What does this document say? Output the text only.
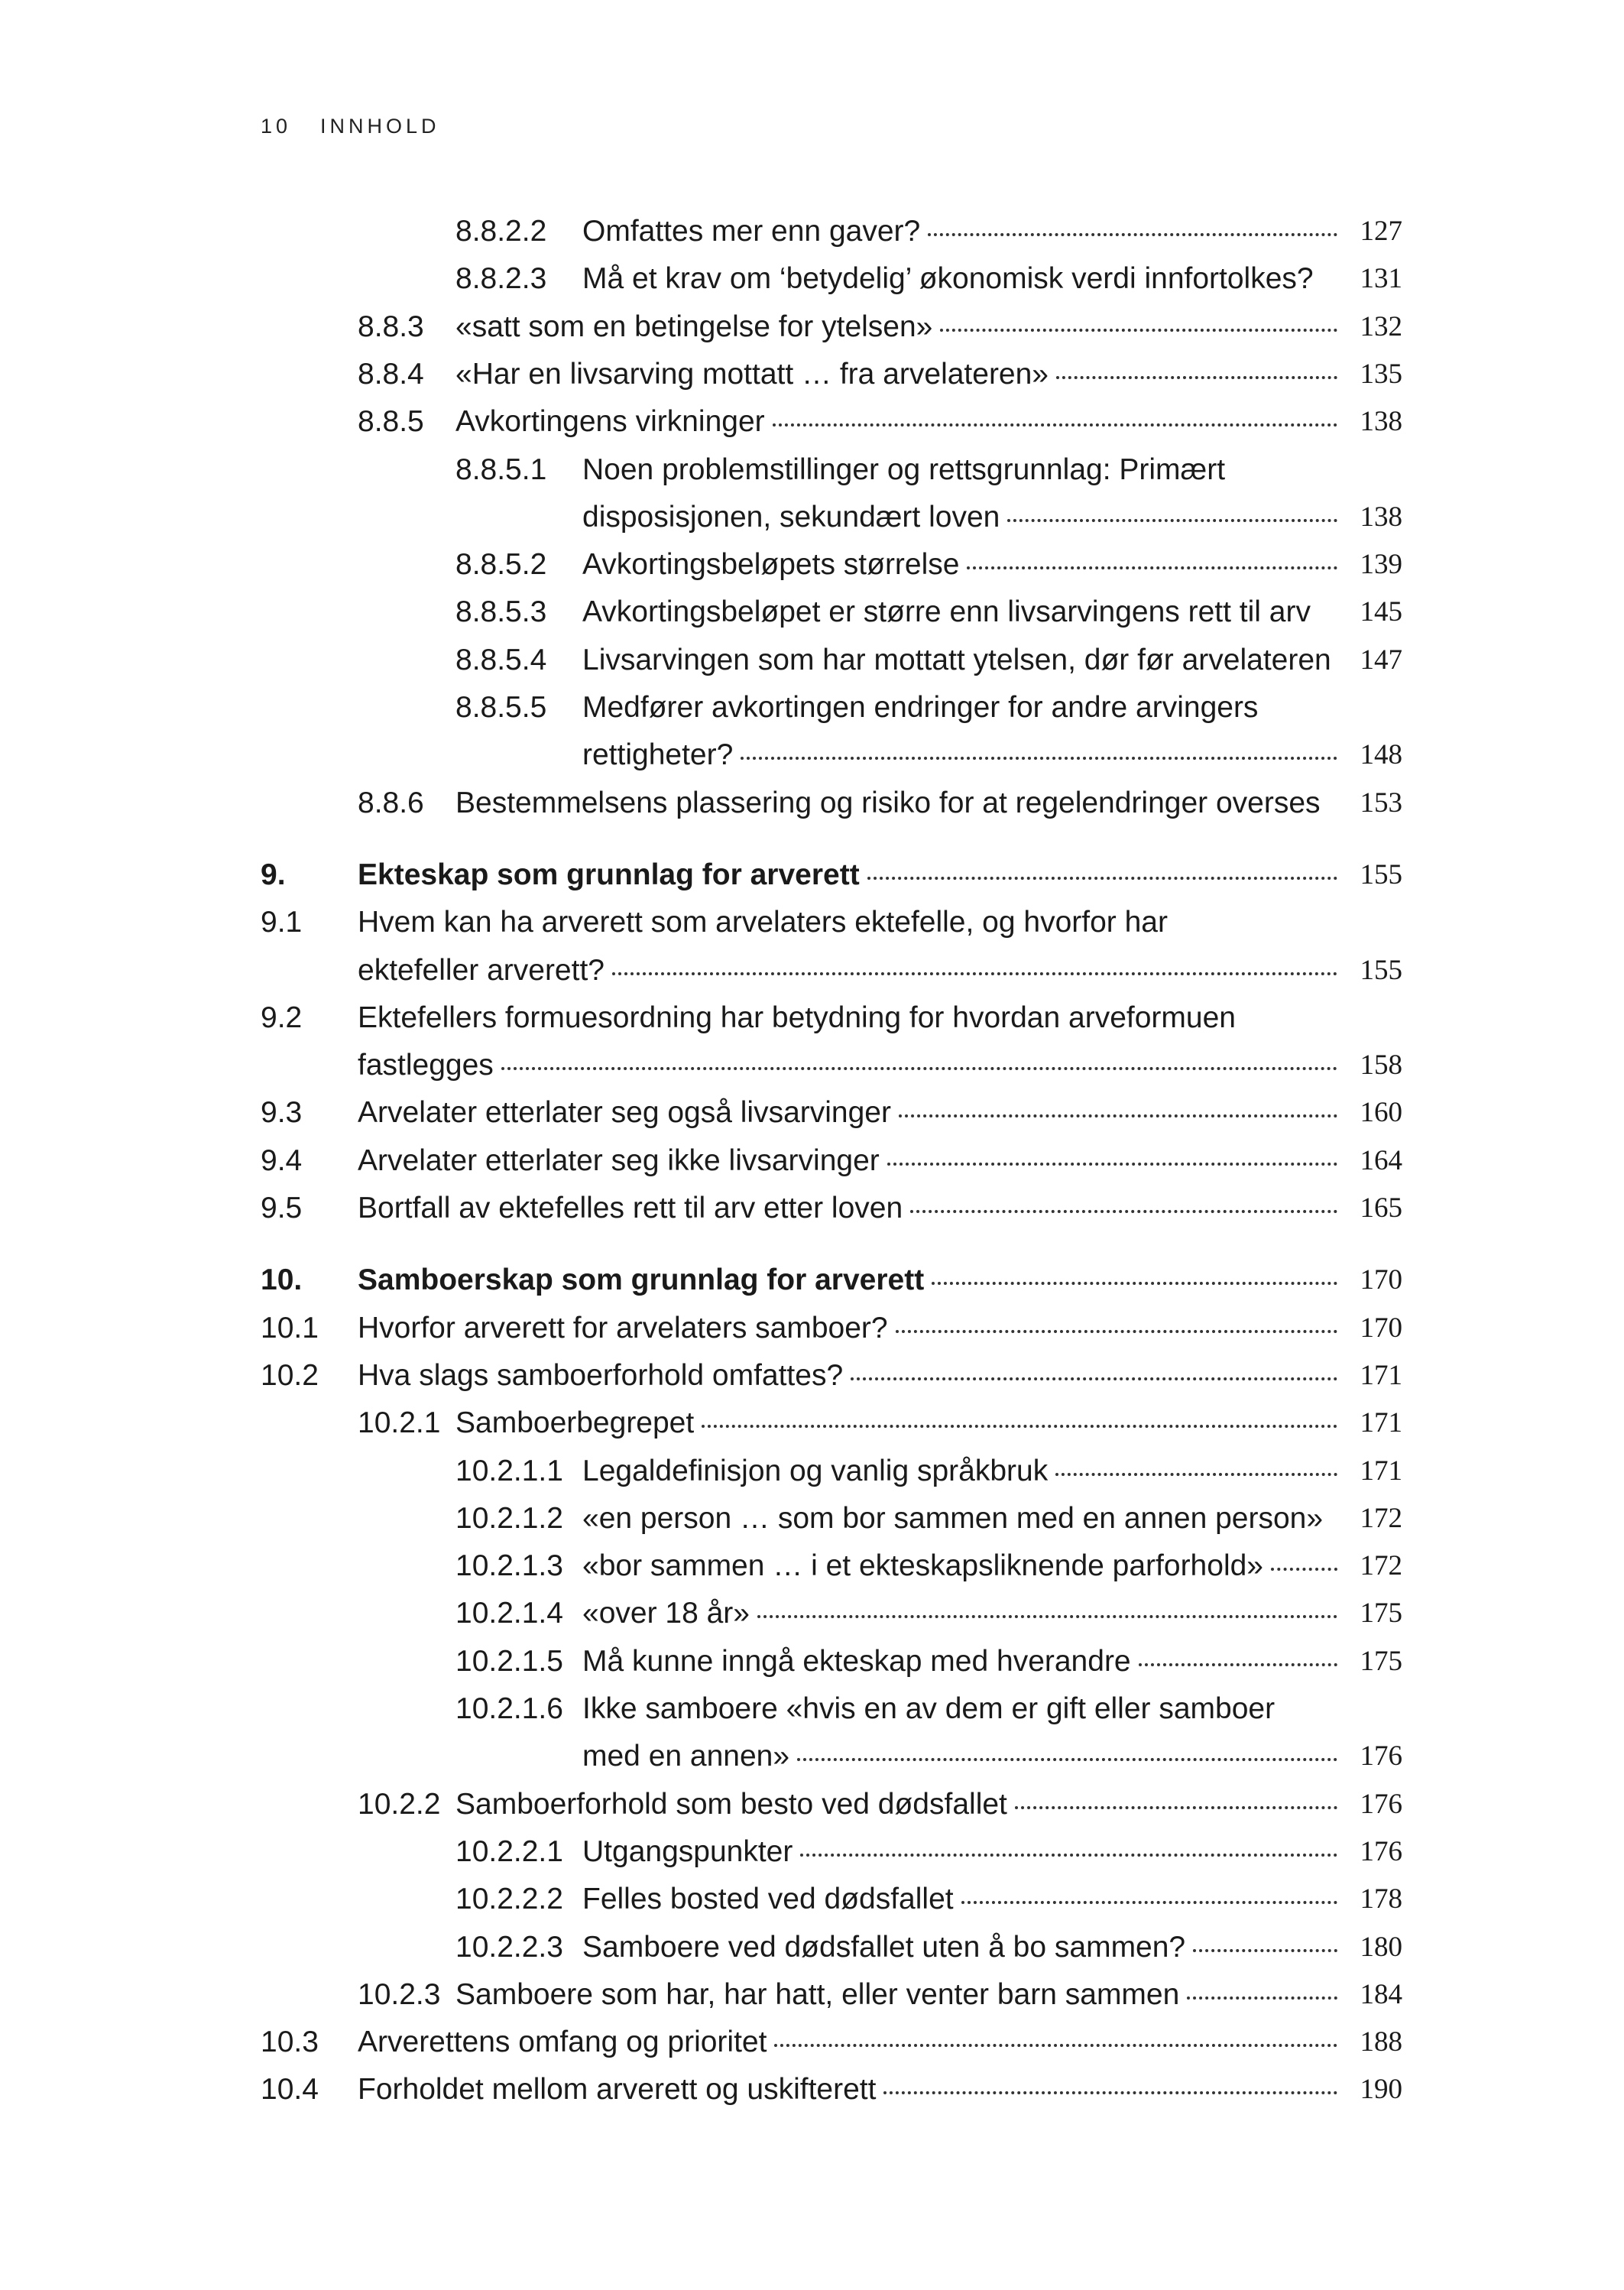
10 INNHOLD
8.8.2.2 Omfattes mer enn gaver?	127
8.8.2.3 Må et krav om ‘betydelig’ økonomisk verdi innfortolkes? 131
8.8.3 «satt som en betingelse for ytelsen»	132
8.8.4 «Har en livsarving mottatt … fra arvelateren»	135
8.8.5 Avkortingens virkninger	138
8.8.5.1 Noen problemstillinger og rettsgrunnlag: Primært
disposisjonen, sekundært loven	138
8.8.5.2 Avkortingsbeløpets størrelse	139
8.8.5.3 Avkortingsbeløpet er større enn livsarvingens rett til arv 145
8.8.5.4 Livsarvingen som har mottatt ytelsen, dør før arvelateren 147
8.8.5.5 Medfører avkortingen endringer for andre arvingers
rettigheter?	148
8.8.6 Bestemmelsens plassering og risiko for at regelendringer overses 153
9. Ekteskap som grunnlag for arverett	155
9.1 Hvem kan ha arverett som arvelaters ektefelle, og hvorfor har
ektefeller arverett?	155
9.2 Ektefellers formuesordning har betydning for hvordan arveformuen
fastlegges	158
9.3 Arvelater etterlater seg også livsarvinger	160
9.4 Arvelater etterlater seg ikke livsarvinger	164
9.5 Bortfall av ektefelles rett til arv etter loven	165
10. Samboerskap som grunnlag for arverett	170
10.1 Hvorfor arverett for arvelaters samboer?	170
10.2 Hva slags samboerforhold omfattes?	171
10.2.1 Samboerbegrepet	171
10.2.1.1 Legaldefinisjon og vanlig språkbruk	171
10.2.1.2 «en person … som bor sammen med en annen person» 172
10.2.1.3 «bor sammen … i et ekteskapsliknende parforhold»	172
10.2.1.4 «over 18 år»	175
10.2.1.5 Må kunne inngå ekteskap med hverandre	175
10.2.1.6 Ikke samboere «hvis en av dem er gift eller samboer
med en annen»	176
10.2.2 Samboerforhold som besto ved dødsfallet	176
10.2.2.1 Utgangspunkter	176
10.2.2.2 Felles bosted ved dødsfallet	178
10.2.2.3 Samboere ved dødsfallet uten å bo sammen?	180
10.2.3 Samboere som har, har hatt, eller venter barn sammen	184
10.3 Arverettens omfang og prioritet	188
10.4 Forholdet mellom arverett og uskifterett	190
